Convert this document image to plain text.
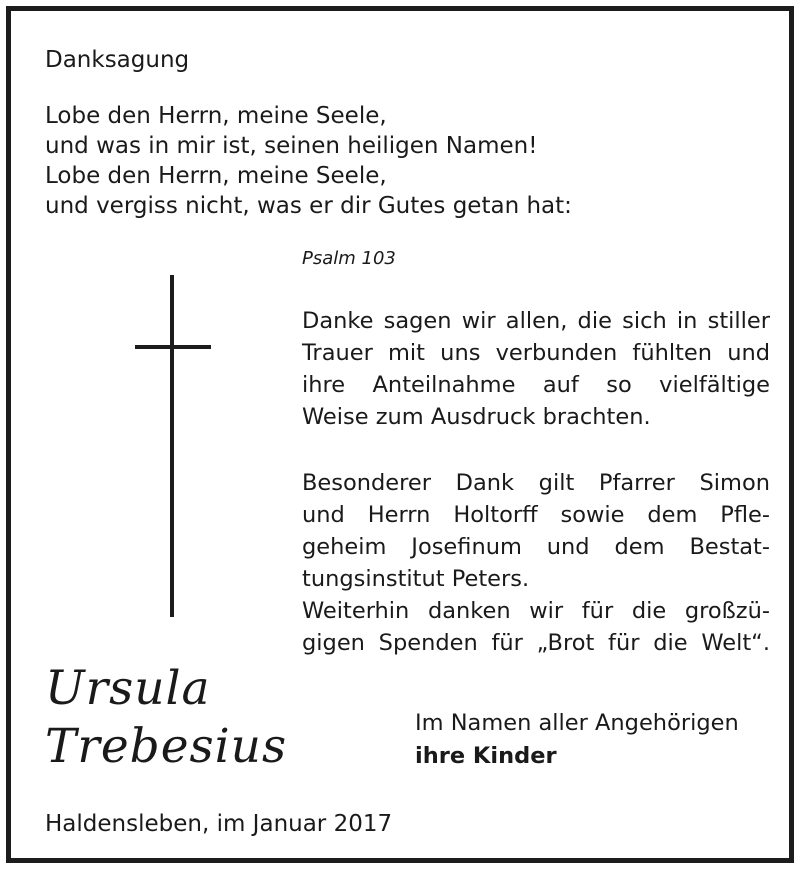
Danksagung
Lobe den Herrn, meine Seele,
und was in mir ist, seinen heiligen Namen!
Lobe den Herrn, meine Seele,
und vergiss nicht, was er dir Gutes getan hat:
Psalm 103
Danke sagen wir allen, die sich in stiller
Trauer mit uns verbunden fühlten und
ihre Anteilnahme auf so vielfältige
Weise zum Ausdruck brachten.
Besonderer Dank gilt Pfarrer Simon
und Herrn Holtorff sowie dem Pfle-
geheim Josefinum und dem Bestat-
tungsinstitut Peters.
Weiterhin danken wir für die großzü-
gigen Spenden für „Brot für die Welt“.
Ursula
Trebesius	Im Namen aller Angehörigen
ihre Kinder
Haldensleben, im Januar 2017
